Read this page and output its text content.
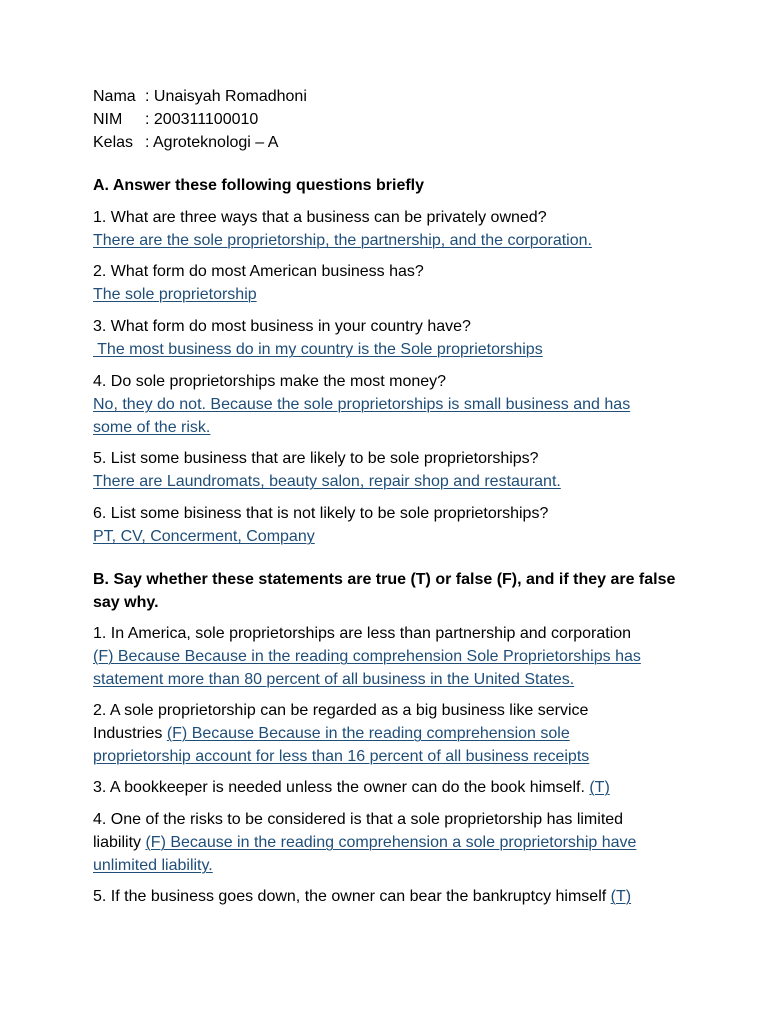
Nama : Unaisyah Romadhoni
NIM : 200311100010
Kelas : Agroteknologi – A
A. Answer these following questions briefly
1. What are three ways that a business can be privately owned?
There are the sole proprietorship, the partnership, and the corporation.
2. What form do most American business has?
The sole proprietorship
3. What form do most business in your country have?
The most business do in my country is the Sole proprietorships
4. Do sole proprietorships make the most money?
No, they do not. Because the sole proprietorships is small business and has
some of the risk.
5. List some business that are likely to be sole proprietorships?
There are Laundromats, beauty salon, repair shop and restaurant.
6. List some bisiness that is not likely to be sole proprietorships?
PT, CV, Concerment, Company
B. Say whether these statements are true (T) or false (F), and if they are false
say why.
1. In America, sole proprietorships are less than partnership and corporation
(F) Because Because in the reading comprehension Sole Proprietorships has
statement more than 80 percent of all business in the United States.
2. A sole proprietorship can be regarded as a big business like service
Industries (F) Because Because in the reading comprehension sole
proprietorship account for less than 16 percent of all business receipts
3. A bookkeeper is needed unless the owner can do the book himself. (T)
4. One of the risks to be considered is that a sole proprietorship has limited
liability (F) Because in the reading comprehension a sole proprietorship have
unlimited liability.
5. If the business goes down, the owner can bear the bankruptcy himself (T)
